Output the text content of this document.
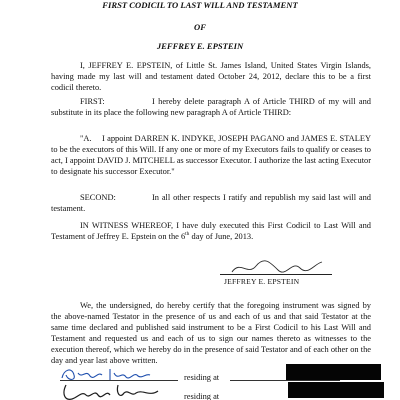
FIRST CODICIL TO LAST WILL AND TESTAMENT
OF
JEFFREY E. EPSTEIN

I, JEFFREY E. EPSTEIN, of Little St. James Island, United States Virgin Islands, having made my last will and testament dated October 24, 2012, declare this to be a first codicil thereto.

FIRST:	I hereby delete paragraph A of Article THIRD of my will and substitute in its place the following new paragraph A of Article THIRD:

"A. I appoint DARREN K. INDYKE, JOSEPH PAGANO and JAMES E. STALEY to be the executors of this Will. If any one or more of my Executors fails to qualify or ceases to act, I appoint DAVID J. MITCHELL as successor Executor. I authorize the last acting Executor to designate his successor Executor."

SECOND:	In all other respects I ratify and republish my said last will and testament.

IN WITNESS WHEREOF, I have duly executed this First Codicil to Last Will and Testament of Jeffrey E. Epstein on the 6th day of June, 2013.

JEFFREY E. EPSTEIN

We, the undersigned, do hereby certify that the foregoing instrument was signed by the above-named Testator in the presence of us and each of us and that said Testator at the same time declared and published said instrument to be a First Codicil to his Last Will and Testament and requested us and each of us to sign our names thereto as witnesses to the execution thereof, which we hereby do in the presence of said Testator and of each other on the day and year last above written.

residing at
residing at
